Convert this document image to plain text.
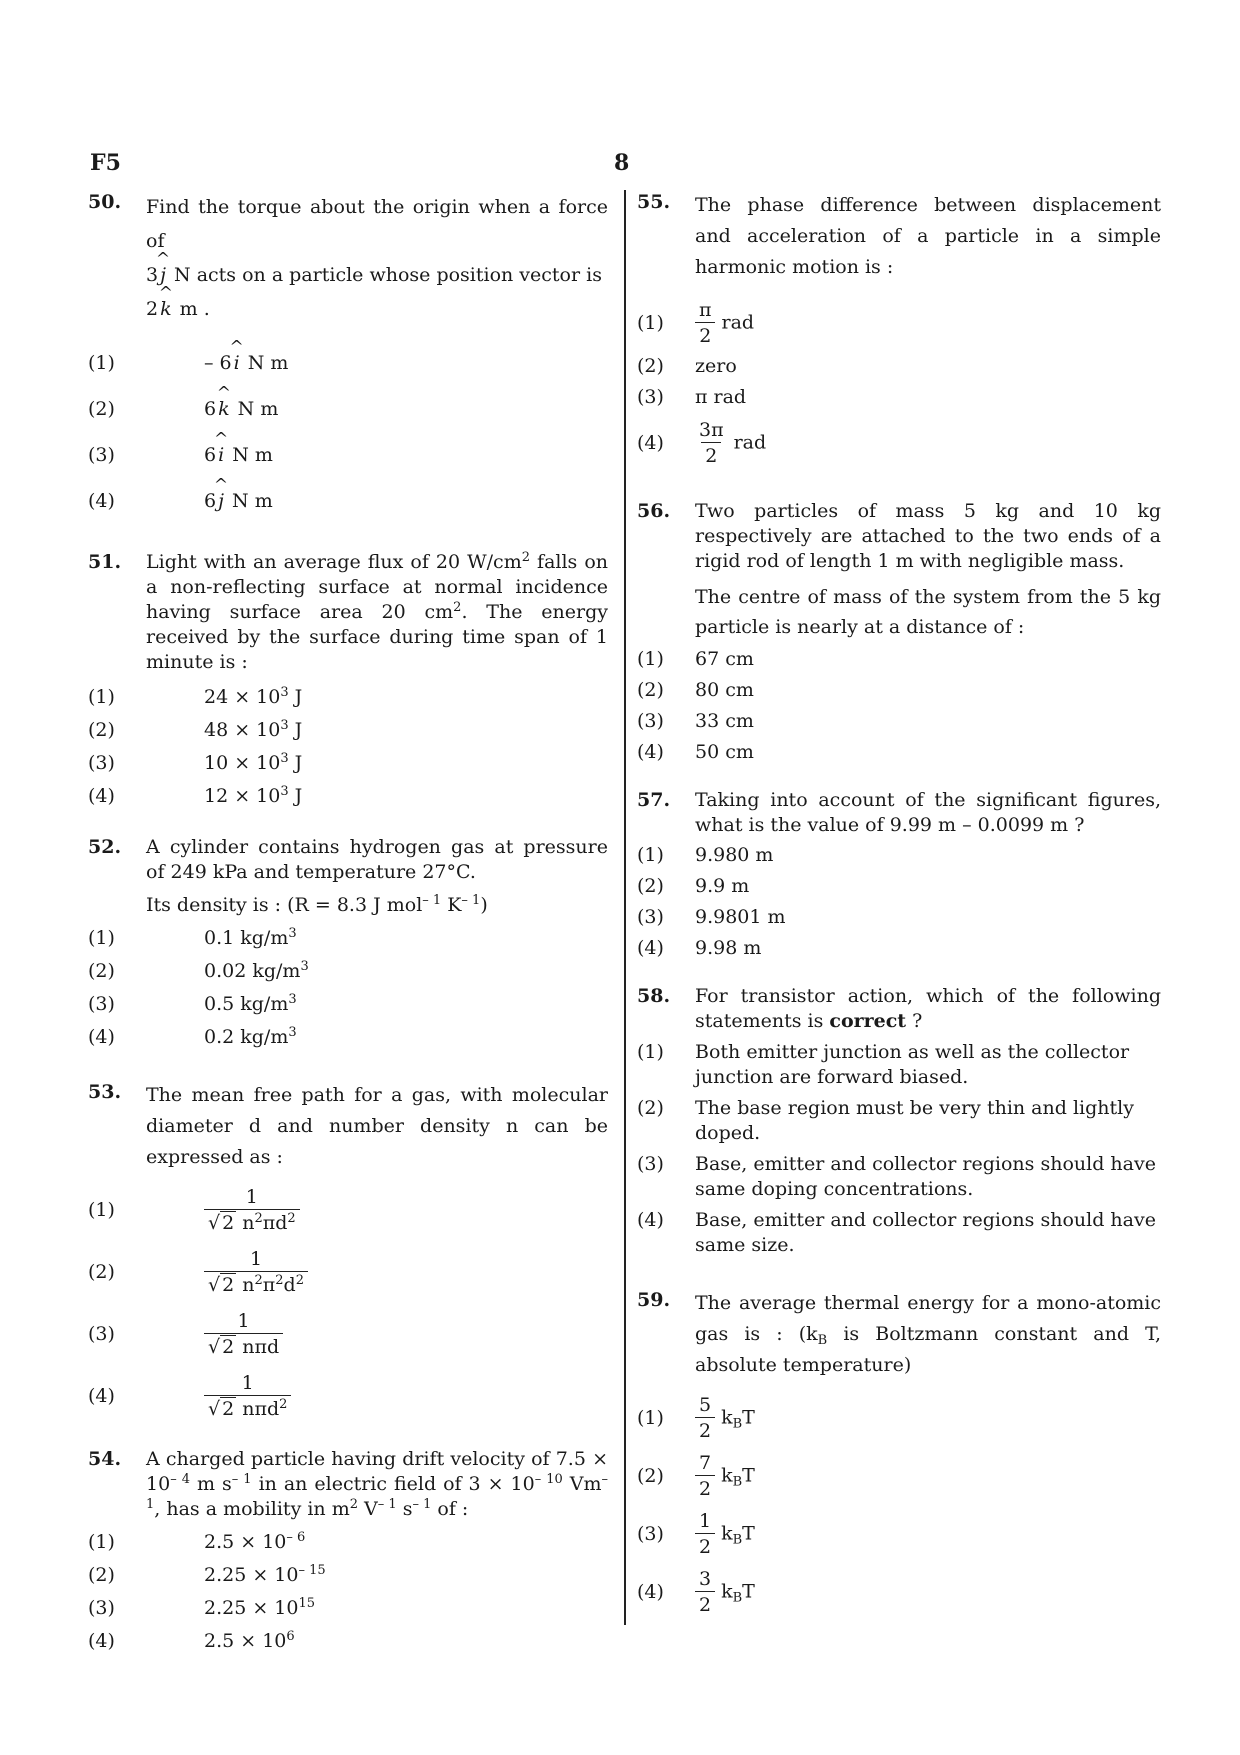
F5	8
50.	Find the torque about the origin when a force of
3 ^ j N acts on a particle whose position vector is
2 ^ k m .
(1)	– 6 ^ i N m
(2)	6 ^ k N m
(3)	6 ^ i N m
(4)	6 ^ j N m
51.	Light with an average flux of 20 $W/cm^2$ falls on a non-reflecting surface at normal incidence having surface area 20 $cm^2$. The energy received by the surface during time span of 1 minute is :
(1)	$24 \times 10^3$ J
(2)	$48 \times 10^3$ J
(3)	$10 \times 10^3$ J
(4)	$12 \times 10^3$ J
52.	A cylinder contains hydrogen gas at pressure of 249 kPa and temperature 27°C.

Its density is : (R = 8.3 J mol$^{- 1}$ $K^{- 1}$)

(1)	0.1 $kg/m^3$
(2)	0.02 $kg/m^3$
(3)	0.5 $kg/m^3$
(4)	0.2 $kg/m^3$
53.	The mean free path for a gas, with molecular diameter d and number density n can be expressed as :
(1)	$\frac{1}{√ 2 n^2\pi d^2}$
(2)	$\frac{1}{√ 2 n^2\pi^2d^2}$
(3)	$\frac{1}{\text{√ 2 nπd}}$
(4)	$\frac{1}{√ 2 n\pi d^2}$
54.	A charged particle having drift velocity of $7.5 \times 10^{- 4}$ m $s^{- 1}$ in an electric field of $3 \times 10^{- 10}$ $Vm^{- 1}$, has a mobility in $m^2$ $V^{- 1}$ $s^{- 1}$ of :
(1)	$2.5 \times 10^{- 6}$
(2)	$2.25 \times 10^{- 15}$
(3)	$2.25 \times 10^{15}$
(4)	$2.5 \times 10^6$
55.	The phase difference between displacement and acceleration of a particle in a simple harmonic motion is :
(1)	$\frac{\pi}{2}$ rad
(2)	zero
(3)	π rad
(4)	$\frac{3\pi}{2}$ rad
56.	Two particles of mass 5 kg and 10 kg respectively are attached to the two ends of a rigid rod of length 1 m with negligible mass.

The centre of mass of the system from the 5 kg particle is nearly at a distance of :

(1)	67 cm
(2)	80 cm
(3)	33 cm
(4)	50 cm
57.	Taking into account of the significant figures, what is the value of 9.99 m – 0.0099 m ?
(1)	9.980 m
(2)	9.9 m
(3)	9.9801 m
(4)	9.98 m
58.	For transistor action, which of the following statements is correct ?
(1)	Both emitter junction as well as the collector junction are forward biased.
(2)	The base region must be very thin and lightly doped.
(3)	Base, emitter and collector regions should have same doping concentrations.
(4)	Base, emitter and collector regions should have same size.
59.	The average thermal energy for a mono-atomic gas is : ($k_B$ is Boltzmann constant and T, absolute temperature)
(1)	$\frac{5}{2} k_BT$
(2)	$\frac{7}{2} k_BT$
(3)	$\frac{1}{2} k_BT$
(4)	$\frac{3}{2} k_BT$
